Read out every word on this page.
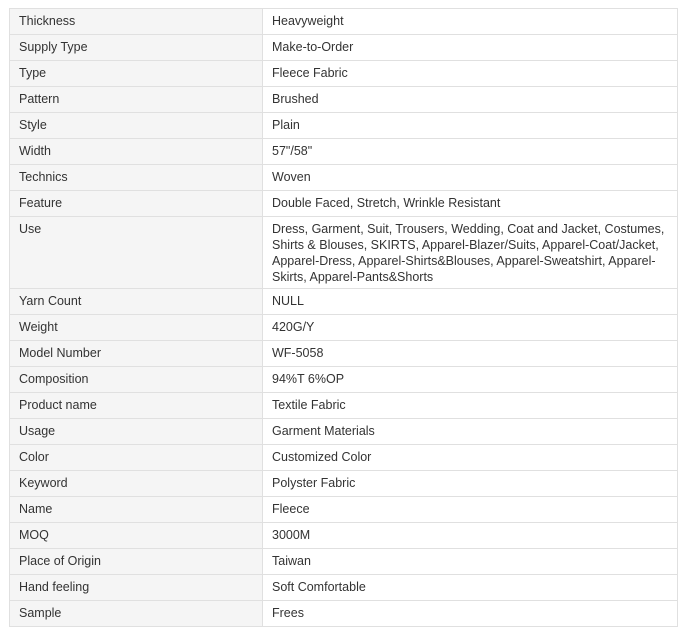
Thickness	Heavyweight
Supply Type	Make-to-Order
Type	Fleece Fabric
Pattern	Brushed
Style	Plain
Width	57"/58"
Technics	Woven
Feature	Double Faced, Stretch, Wrinkle Resistant
Use	Dress, Garment, Suit, Trousers, Wedding, Coat and Jacket, Costumes, Shirts & Blouses, SKIRTS, Apparel-Blazer/Suits, Apparel-Coat/Jacket, Apparel-Dress, Apparel-Shirts&Blouses, Apparel-Sweatshirt, Apparel-Skirts, Apparel-Pants&Shorts
Yarn Count	NULL
Weight	420G/Y
Model Number	WF-5058
Composition	94%T 6%OP
Product name	Textile Fabric
Usage	Garment Materials
Color	Customized Color
Keyword	Polyster Fabric
Name	Fleece
MOQ	3000M
Place of Origin	Taiwan
Hand feeling	Soft Comfortable
Sample	Frees
